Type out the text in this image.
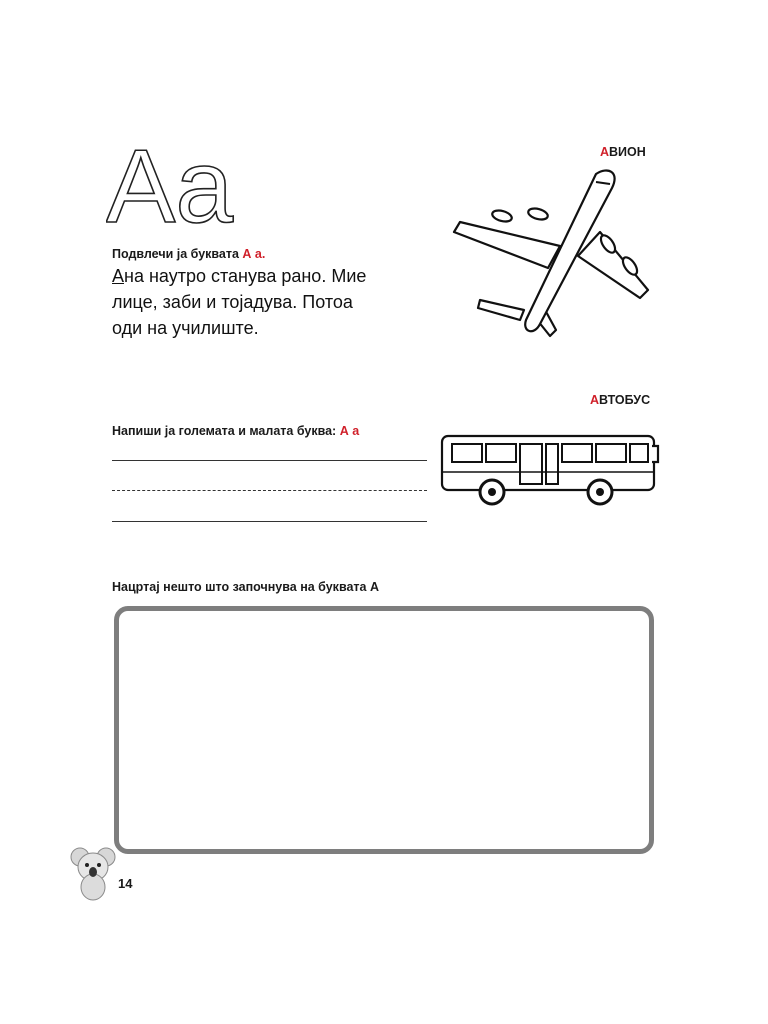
Aa	АВИОН
Подвлечи ја буквата А а.
Ана наутро станува рано. Мие
лице, заби и тојадува. Потоа
оди на училиште.
АВТОБУС
Напиши ја големата и малата буква: А а
Нацртај нешто што започнува на буквата А
14
